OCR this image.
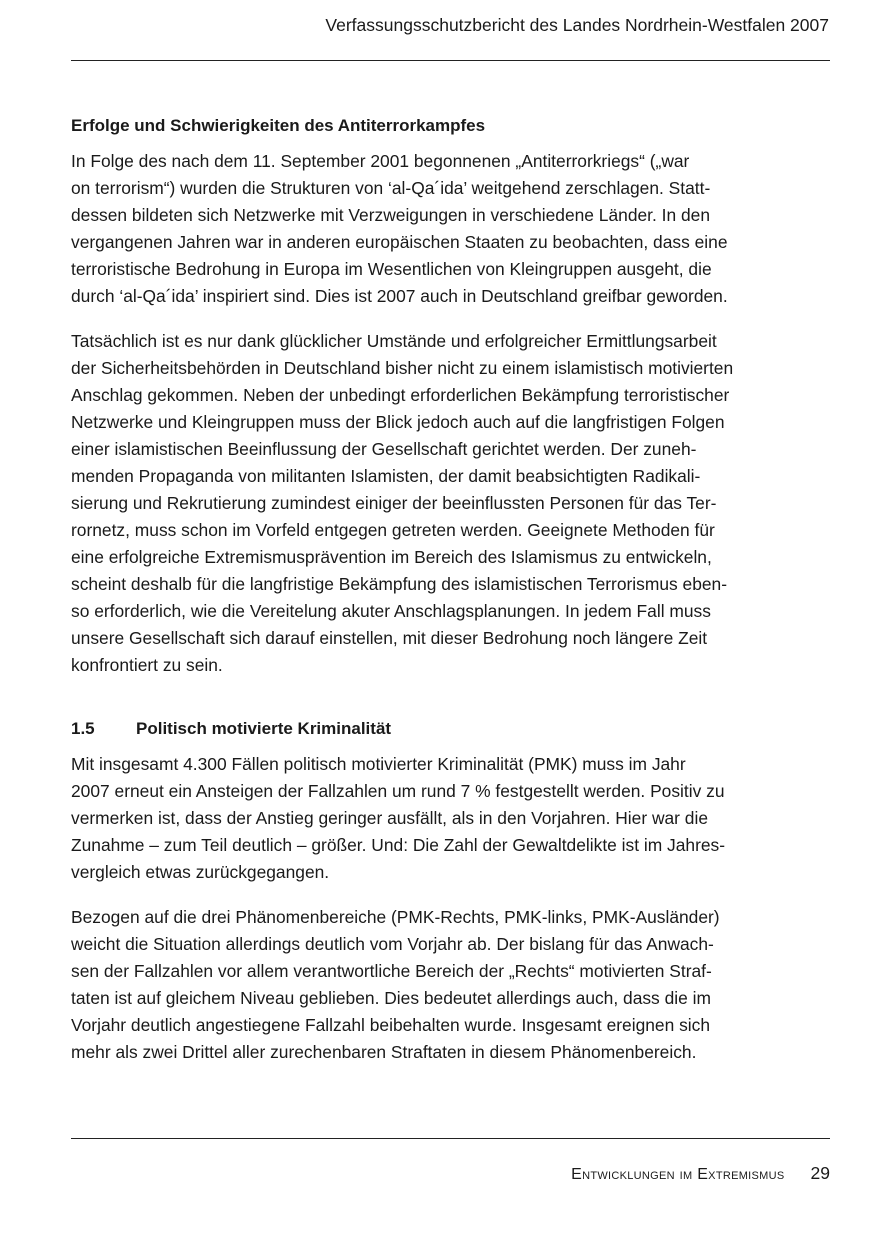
Verfassungsschutzbericht des Landes Nordrhein-Westfalen 2007
Erfolge und Schwierigkeiten des Antiterrorkampfes

In Folge des nach dem 11. September 2001 begonnenen „Antiterrorkriegs“ („war
on terrorism“) wurden die Strukturen von ‘al-Qa´ida’ weitgehend zerschlagen. Statt-
dessen bildeten sich Netzwerke mit Verzweigungen in verschiedene Länder. In den
vergangenen Jahren war in anderen europäischen Staaten zu beobachten, dass eine
terroristische Bedrohung in Europa im Wesentlichen von Kleingruppen ausgeht, die
durch ‘al-Qa´ida’ inspiriert sind. Dies ist 2007 auch in Deutschland greifbar geworden.

Tatsächlich ist es nur dank glücklicher Umstände und erfolgreicher Ermittlungsarbeit
der Sicherheitsbehörden in Deutschland bisher nicht zu einem islamistisch motivierten
Anschlag gekommen. Neben der unbedingt erforderlichen Bekämpfung terroristischer
Netzwerke und Kleingruppen muss der Blick jedoch auch auf die langfristigen Folgen
einer islamistischen Beeinflussung der Gesellschaft gerichtet werden. Der zuneh-
menden Propaganda von militanten Islamisten, der damit beabsichtigten Radikali-
sierung und Rekrutierung zumindest einiger der beeinflussten Personen für das Ter-
rornetz, muss schon im Vorfeld entgegen getreten werden. Geeignete Methoden für
eine erfolgreiche Extremismusprävention im Bereich des Islamismus zu entwickeln,
scheint deshalb für die langfristige Bekämpfung des islamistischen Terrorismus eben-
so erforderlich, wie die Vereitelung akuter Anschlagsplanungen. In jedem Fall muss
unsere Gesellschaft sich darauf einstellen, mit dieser Bedrohung noch längere Zeit
konfrontiert zu sein.

1.5	Politisch motivierte Kriminalität

Mit insgesamt 4.300 Fällen politisch motivierter Kriminalität (PMK) muss im Jahr
2007 erneut ein Ansteigen der Fallzahlen um rund 7 % festgestellt werden. Positiv zu
vermerken ist, dass der Anstieg geringer ausfällt, als in den Vorjahren. Hier war die
Zunahme – zum Teil deutlich – größer. Und: Die Zahl der Gewaltdelikte ist im Jahres-
vergleich etwas zurückgegangen.

Bezogen auf die drei Phänomenbereiche (PMK-Rechts, PMK-links, PMK-Ausländer)
weicht die Situation allerdings deutlich vom Vorjahr ab. Der bislang für das Anwach-
sen der Fallzahlen vor allem verantwortliche Bereich der „Rechts“ motivierten Straf-
taten ist auf gleichem Niveau geblieben. Dies bedeutet allerdings auch, dass die im
Vorjahr deutlich angestiegene Fallzahl beibehalten wurde. Insgesamt ereignen sich
mehr als zwei Drittel aller zurechenbaren Straftaten in diesem Phänomenbereich.

Entwicklungen im Extremismus 29
